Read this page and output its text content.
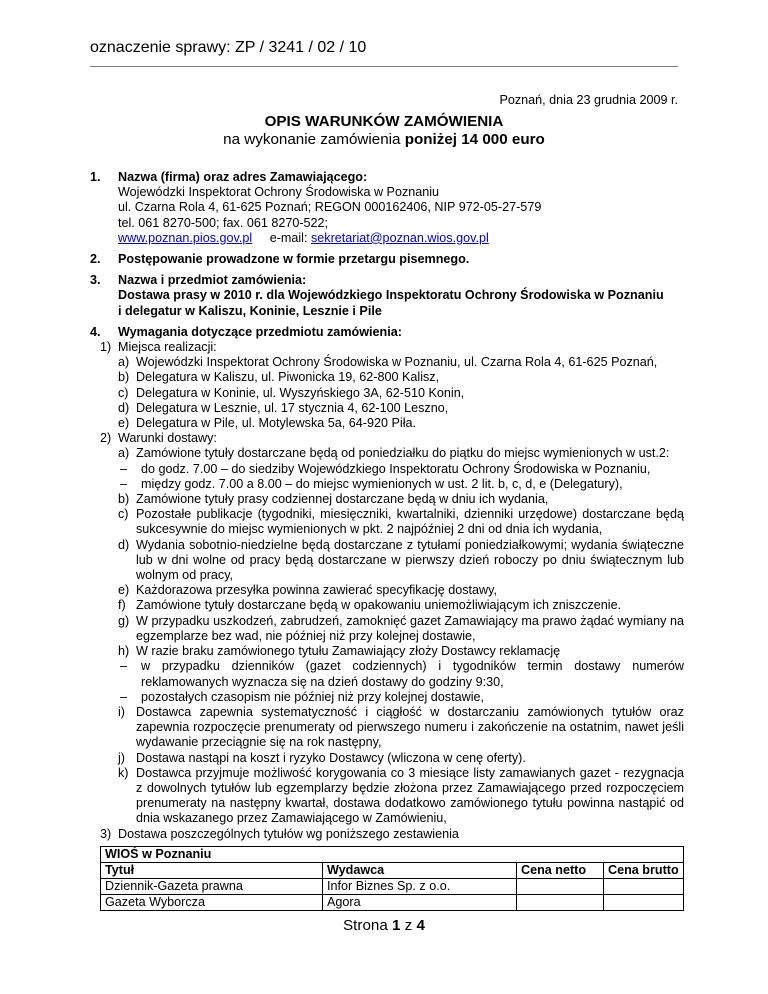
oznaczenie sprawy: ZP / 3241 / 02 / 10
Poznań, dnia 23 grudnia 2009 r.
OPIS WARUNKÓW ZAMÓWIENIA
na wykonanie zamówienia poniżej 14 000 euro
1. Nazwa (firma) oraz adres Zamawiającego:
Wojewódzki Inspektorat Ochrony Środowiska w Poznaniu
ul. Czarna Rola 4, 61-625 Poznań; REGON 000162406, NIP 972-05-27-579
tel. 061 8270-500; fax. 061 8270-522;
www.poznan.pios.gov.pl e-mail: sekretariat@poznan.wios.gov.pl
2. Postępowanie prowadzone w formie przetargu pisemnego.
3. Nazwa i przedmiot zamówienia:
Dostawa prasy w 2010 r. dla Wojewódzkiego Inspektoratu Ochrony Środowiska w Poznaniu
i delegatur w Kaliszu, Koninie, Lesznie i Pile
4. Wymagania dotyczące przedmiotu zamówienia:
1) Miejsca realizacji:
a) Wojewódzki Inspektorat Ochrony Środowiska w Poznaniu, ul. Czarna Rola 4, 61-625 Poznań,
b) Delegatura w Kaliszu, ul. Piwonicka 19, 62-800 Kalisz,
c) Delegatura w Koninie, ul. Wyszyńskiego 3A, 62-510 Konin,
d) Delegatura w Lesznie, ul. 17 stycznia 4, 62-100 Leszno,
e) Delegatura w Pile, ul. Motylewska 5a, 64-920 Piła.
2) Warunki dostawy:
a) Zamówione tytuły dostarczane będą od poniedziałku do piątku do miejsc wymienionych w ust.2:
– do godz. 7.00 – do siedziby Wojewódzkiego Inspektoratu Ochrony Środowiska w Poznaniu,
– między godz. 7.00 a 8.00 – do miejsc wymienionych w ust. 2 lit. b, c, d, e (Delegatury),
b) Zamówione tytuły prasy codziennej dostarczane będą w dniu ich wydania,
c) Pozostałe publikacje (tygodniki, miesięczniki, kwartalniki, dzienniki urzędowe) dostarczane będą sukcesywnie do miejsc wymienionych w pkt. 2 najpóźniej 2 dni od dnia ich wydania,
d) Wydania sobotnio-niedzielne będą dostarczane z tytułami poniedziałkowymi; wydania świąteczne lub w dni wolne od pracy będą dostarczane w pierwszy dzień roboczy po dniu świątecznym lub wolnym od pracy,
e) Każdorazowa przesyłka powinna zawierać specyfikację dostawy,
f) Zamówione tytuły dostarczane będą w opakowaniu uniemożliwiającym ich zniszczenie.
g) W przypadku uszkodzeń, zabrudzeń, zamoknięć gazet Zamawiający ma prawo żądać wymiany na egzemplarze bez wad, nie później niż przy kolejnej dostawie,
h) W razie braku zamówionego tytułu Zamawiający złoży Dostawcy reklamację
– w przypadku dzienników (gazet codziennych) i tygodników termin dostawy numerów reklamowanych wyznacza się na dzień dostawy do godziny 9:30,
– pozostałych czasopism nie później niż przy kolejnej dostawie,
i) Dostawca zapewnia systematyczność i ciągłość w dostarczaniu zamówionych tytułów oraz zapewnia rozpoczęcie prenumeraty od pierwszego numeru i zakończenie na ostatnim, nawet jeśli wydawanie przeciągnie się na rok następny,
j) Dostawa nastąpi na koszt i ryzyko Dostawcy (wliczona w cenę oferty).
k) Dostawca przyjmuje możliwość korygowania co 3 miesiące listy zamawianych gazet - rezygnacja z dowolnych tytułów lub egzemplarzy będzie złożona przez Zamawiającego przed rozpoczęciem prenumeraty na następny kwartał, dostawa dodatkowo zamówionego tytułu powinna nastąpić od dnia wskazanego przez Zamawiającego w Zamówieniu,
3) Dostawa poszczególnych tytułów wg poniższego zestawienia
WIOŚ w Poznaniu			
Tytuł	Wydawca	Cena netto	Cena brutto
Dziennik-Gazeta prawna	Infor Biznes Sp. z o.o.		
Gazeta Wyborcza	Agora		
Strona 1 z 4
